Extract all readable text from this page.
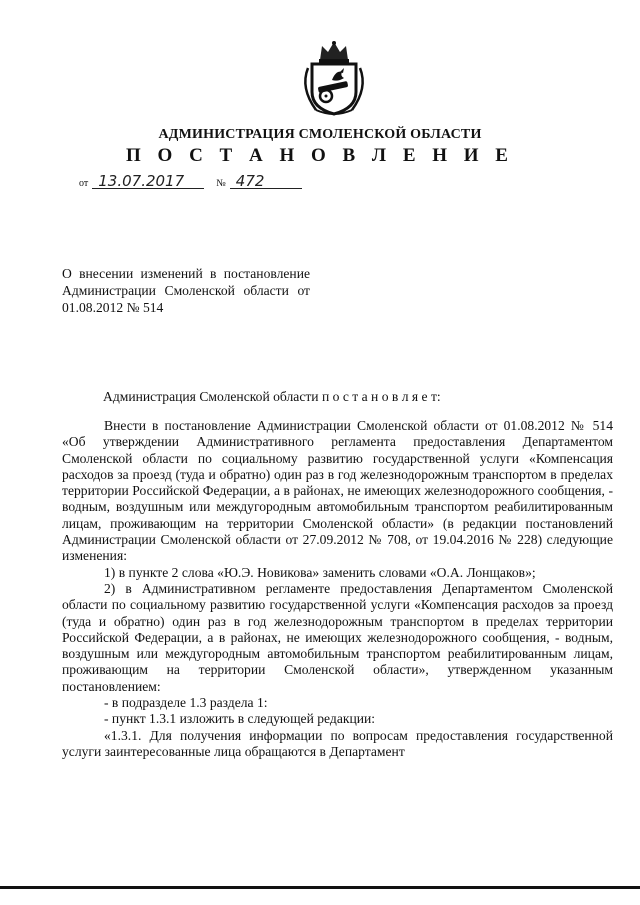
АДМИНИСТРАЦИЯ СМОЛЕНСКОЙ ОБЛАСТИ
П О С Т А Н О В Л Е Н И Е
от 13.07.2017	№ 472
О внесении изменений в постановление Администрации Смоленской области от 01.08.2012 № 514
Администрация Смоленской области п о с т а н о в л я е т:

Внести в постановление Администрации Смоленской области от 01.08.2012 № 514 «Об утверждении Административного регламента предоставления Департаментом Смоленской области по социальному развитию государственной услуги «Компенсация расходов за проезд (туда и обратно) один раз в год железнодорожным транспортом в пределах территории Российской Федерации, а в районах, не имеющих железнодорожного сообщения, - водным, воздушным или междугородным автомобильным транспортом реабилитированным лицам, проживающим на территории Смоленской области» (в редакции постановлений Администрации Смоленской области от 27.09.2012 № 708, от 19.04.2016 № 228) следующие изменения:

1) в пункте 2 слова «Ю.Э. Новикова» заменить словами «О.А. Лонщаков»;

2) в Административном регламенте предоставления Департаментом Смоленской области по социальному развитию государственной услуги «Компенсация расходов за проезд (туда и обратно) один раз в год железнодорожным транспортом в пределах территории Российской Федерации, а в районах, не имеющих железнодорожного сообщения, - водным, воздушным или междугородным автомобильным транспортом реабилитированным лицам, проживающим на территории Смоленской области», утвержденном указанным постановлением:

- в подразделе 1.3 раздела 1:

- пункт 1.3.1 изложить в следующей редакции:

«1.3.1. Для получения информации по вопросам предоставления государственной услуги заинтересованные лица обращаются в Департамент
